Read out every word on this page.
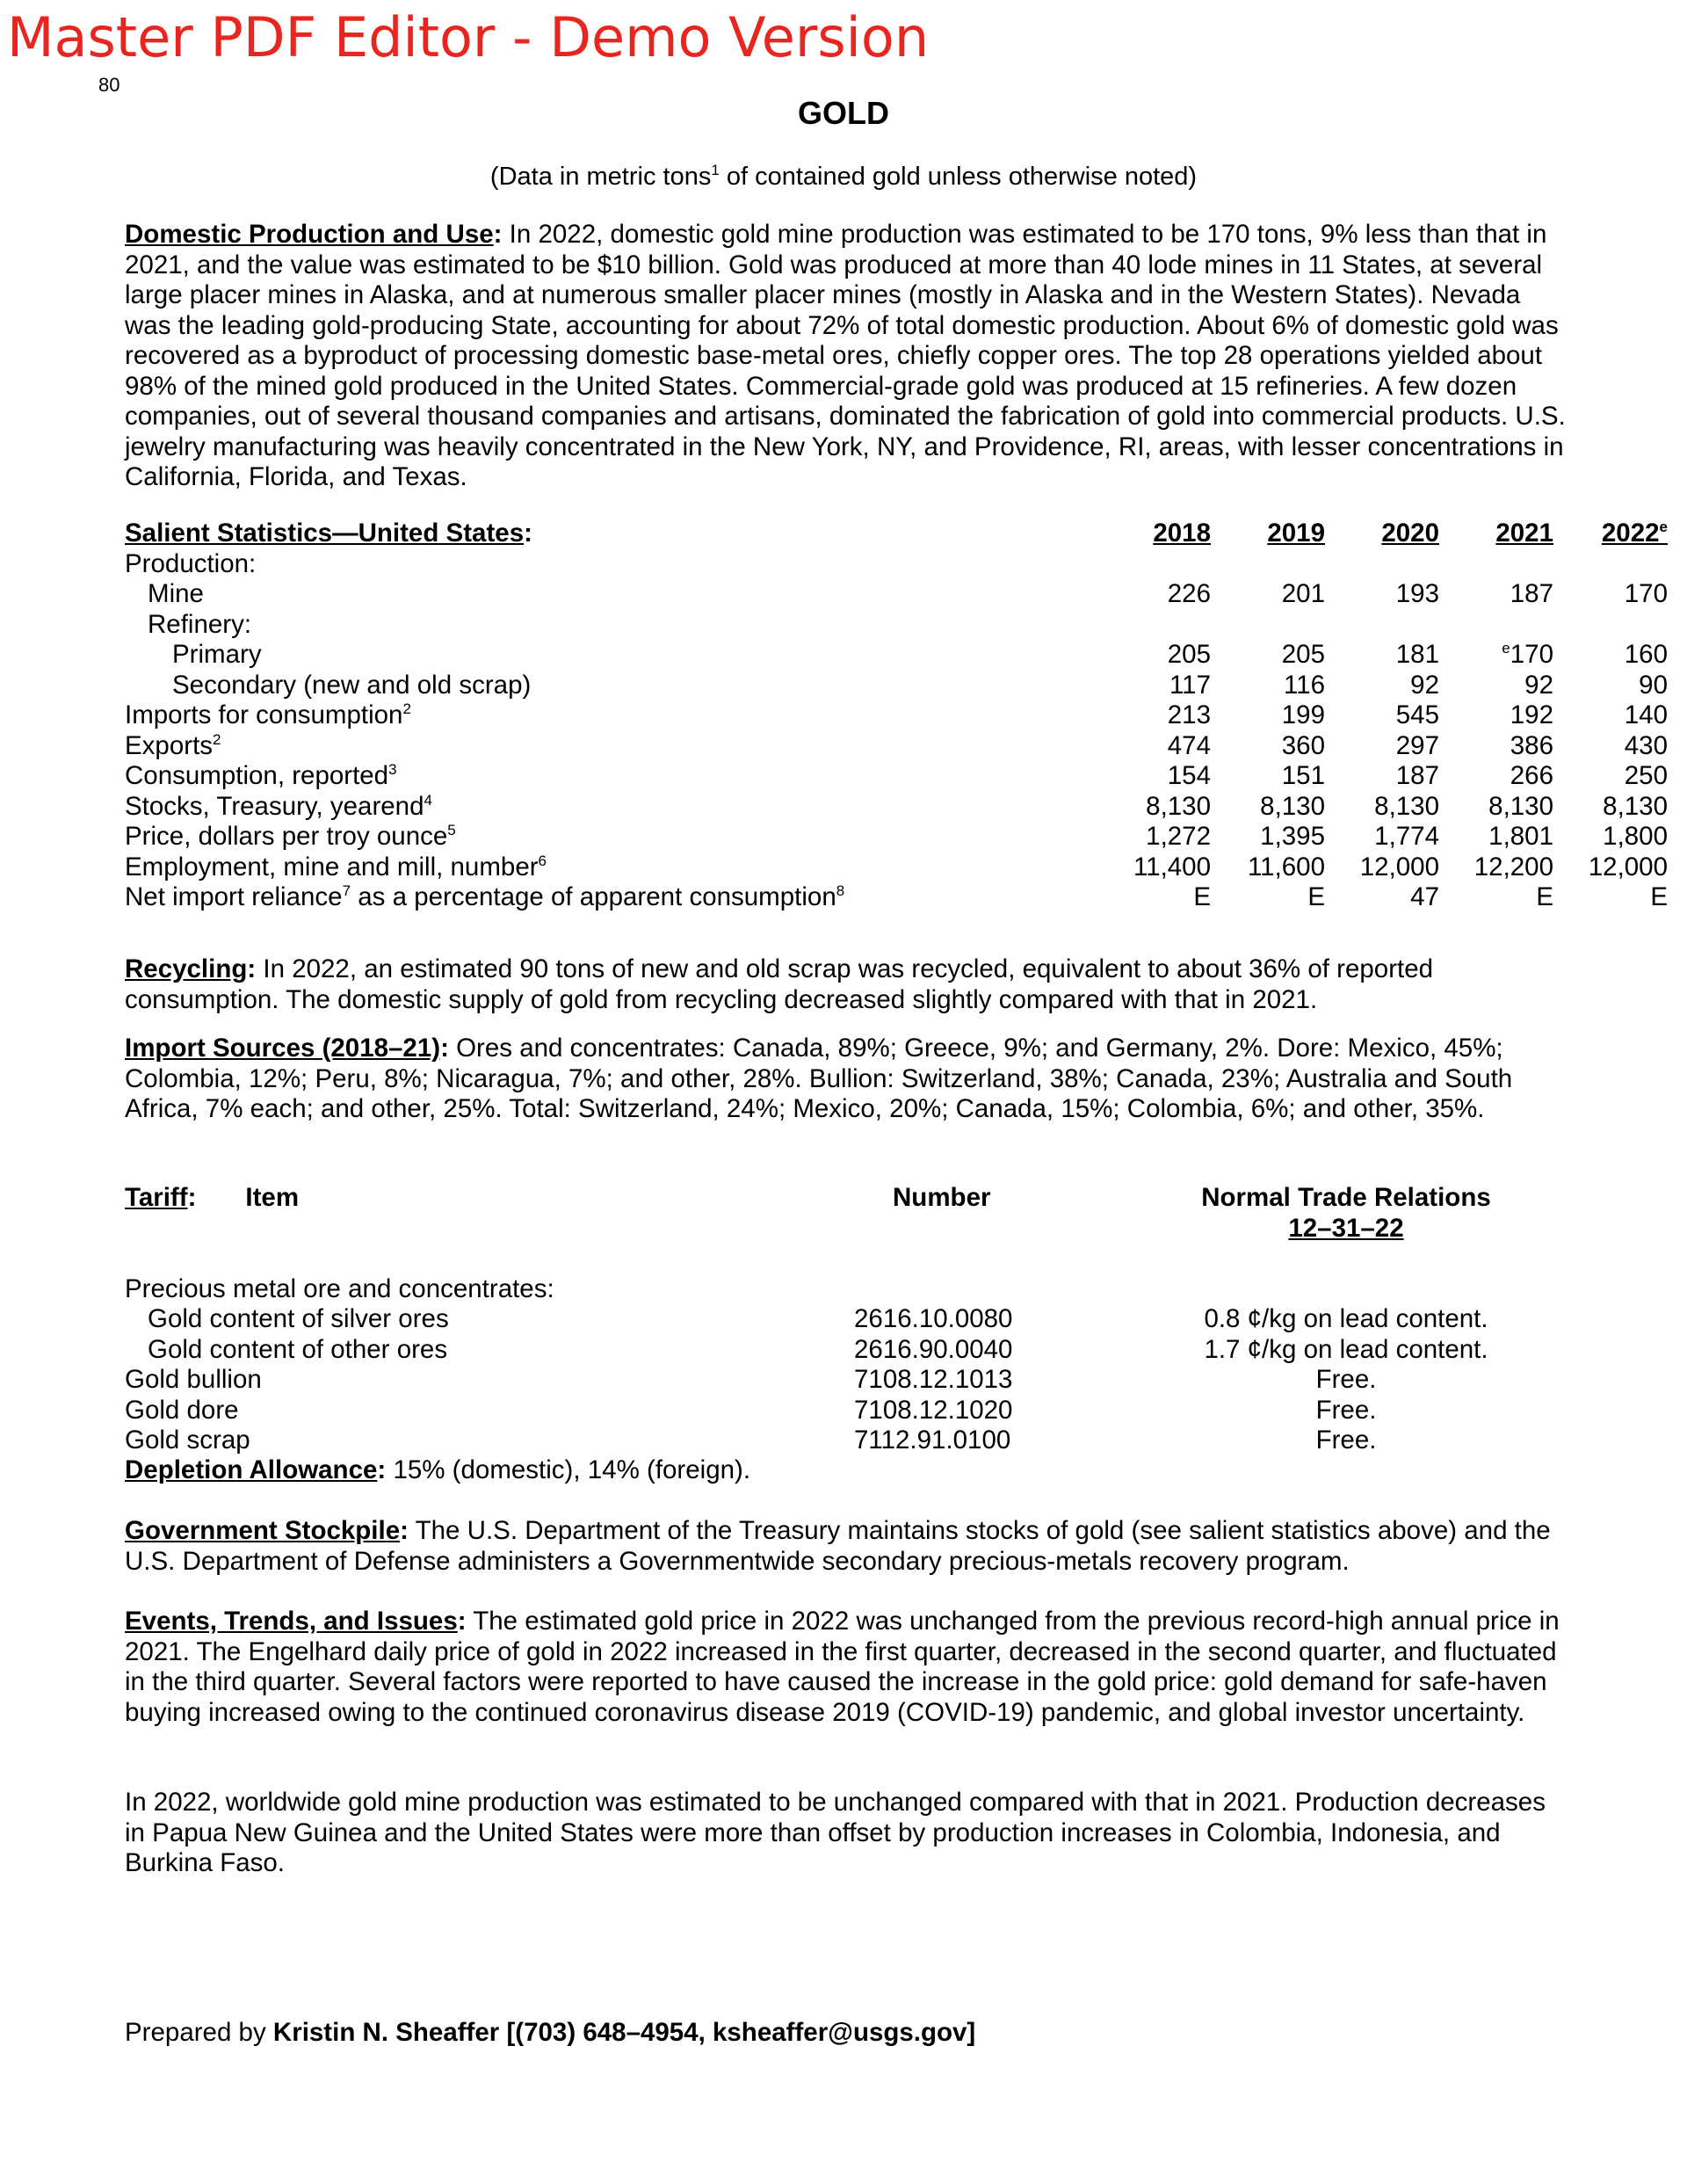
Master PDF Editor - Demo Version
80
GOLD
(Data in metric tons$^1$ of contained gold unless otherwise noted)
Domestic Production and Use: In 2022, domestic gold mine production was estimated to be 170 tons, 9% less than that in 2021, and the value was estimated to be $10 billion. Gold was produced at more than 40 lode mines in 11 States, at several large placer mines in Alaska, and at numerous smaller placer mines (mostly in Alaska and in the Western States). Nevada was the leading gold-producing State, accounting for about 72% of total domestic production. About 6% of domestic gold was recovered as a byproduct of processing domestic base-metal ores, chiefly copper ores. The top 28 operations yielded about 98% of the mined gold produced in the United States. Commercial-grade gold was produced at 15 refineries. A few dozen companies, out of several thousand companies and artisans, dominated the fabrication of gold into commercial products. U.S. jewelry manufacturing was heavily concentrated in the New York, NY, and Providence, RI, areas, with lesser concentrations in California, Florida, and Texas.
Salient Statistics—United States:	2018	2019	2020	2021	2022e
Production:
Mine	226	201	193	187	170
Refinery:
Primary	205	205	181	$^e$170	160
Secondary (new and old scrap)	117	116	92	92	90
Imports for consumption$^2$	213	199	545	192	140
Exports$^2$	474	360	297	386	430
Consumption, reported$^3$	154	151	187	266	250
Stocks, Treasury, yearend$^4$	8,130	8,130	8,130	8,130	8,130
Price, dollars per troy ounce$^5$	1,272	1,395	1,774	1,801	1,800
Employment, mine and mill, number$^6$	11,400	11,600	12,000	12,200	12,000
Net import reliance$^7$ as a percentage of apparent consumption$^8$	E	E	47	E	E
Recycling: In 2022, an estimated 90 tons of new and old scrap was recycled, equivalent to about 36% of reported consumption. The domestic supply of gold from recycling decreased slightly compared with that in 2021.
Import Sources (2018–21): Ores and concentrates: Canada, 89%; Greece, 9%; and Germany, 2%. Dore: Mexico, 45%; Colombia, 12%; Peru, 8%; Nicaragua, 7%; and other, 28%. Bullion: Switzerland, 38%; Canada, 23%; Australia and South Africa, 7% each; and other, 25%. Total: Switzerland, 24%; Mexico, 20%; Canada, 15%; Colombia, 6%; and other, 35%.
Tariff: Item	Number	Normal Trade Relations
12–31–22
Precious metal ore and concentrates:
Gold content of silver ores	2616.10.0080	0.8 ¢/kg on lead content.
Gold content of other ores	2616.90.0040	1.7 ¢/kg on lead content.
Gold bullion	7108.12.1013	Free.
Gold dore	7108.12.1020	Free.
Gold scrap	7112.91.0100	Free.
Depletion Allowance: 15% (domestic), 14% (foreign).
Government Stockpile: The U.S. Department of the Treasury maintains stocks of gold (see salient statistics above) and the U.S. Department of Defense administers a Governmentwide secondary precious-metals recovery program.
Events, Trends, and Issues: The estimated gold price in 2022 was unchanged from the previous record-high annual price in 2021. The Engelhard daily price of gold in 2022 increased in the first quarter, decreased in the second quarter, and fluctuated in the third quarter. Several factors were reported to have caused the increase in the gold price: gold demand for safe-haven buying increased owing to the continued coronavirus disease 2019 (COVID-19) pandemic, and global investor uncertainty.
In 2022, worldwide gold mine production was estimated to be unchanged compared with that in 2021. Production decreases in Papua New Guinea and the United States were more than offset by production increases in Colombia, Indonesia, and Burkina Faso.
Prepared by Kristin N. Sheaffer [(703) 648–4954, ksheaffer@usgs.gov]
